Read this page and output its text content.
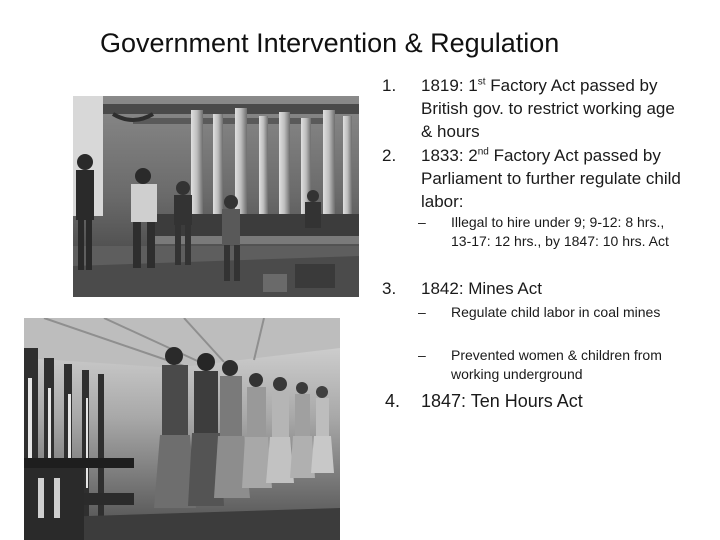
Government Intervention & Regulation
1. 1819: 1st Factory Act passed by British gov. to restrict working age & hours
2. 1833: 2nd Factory Act passed by Parliament to further regulate child labor:
– Illegal to hire under 9; 9-12: 8 hrs., 13-17: 12 hrs., by 1847: 10 hrs. Act
3. 1842: Mines Act
– Regulate child labor in coal mines
– Prevented women & children from working underground
4. 1847: Ten Hours Act
